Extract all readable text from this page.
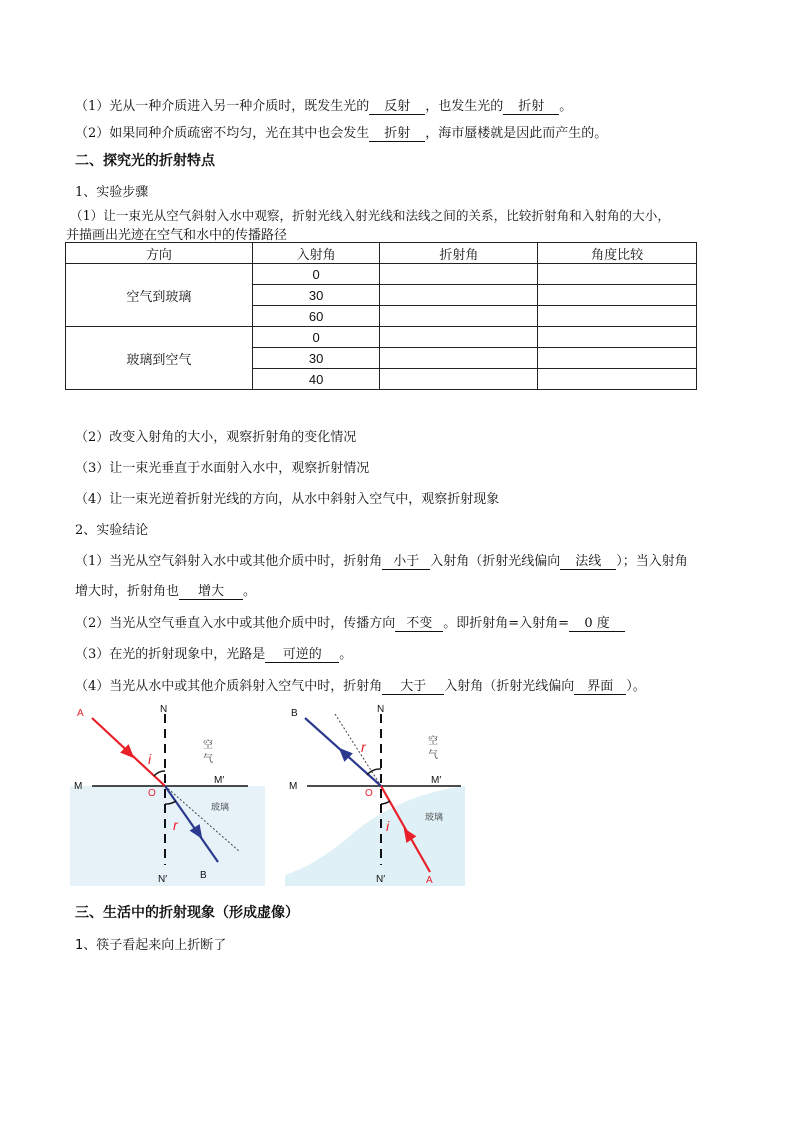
（1）光从一种介质进入另一种介质时，既发生光的 反射 ，也发生光的 折射 。
（2）如果同种介质疏密不均匀，光在其中也会发生 折射 ，海市蜃楼就是因此而产生的。
二、探究光的折射特点
1、实验步骤
（1）让一束光从空气斜射入水中观察，折射光线入射光线和法线之间的关系，比较折射角和入射角的大小，
并描画出光迹在空气和水中的传播路径
方向	入射角	折射角	角度比较
空气到玻璃	0		
	30		
	60		
玻璃到空气	0		
	30		
	40		
（2）改变入射角的大小，观察折射角的变化情况
（3）让一束光垂直于水面射入水中，观察折射情况
（4）让一束光逆着折射光线的方向，从水中斜射入空气中，观察折射现象
2、实验结论
（1）当光从空气斜射入水中或其他介质中时，折射角 小于 入射角（折射光线偏向 法线 ）；当入射角
增大时，折射角也 增大 。
（2）当光从空气垂直入水中或其他介质中时，传播方向 不变 。即折射角=入射角= 0 度
（3）在光的折射现象中，光路是 可逆的 。
（4）当光从水中或其他介质斜射入空气中时，折射角 大于 入射角（折射光线偏向 界面 ）。
A	N
M
M′
O
N′	B
i
r
空
气
玻璃
B	N
M
M′
O
N′	A
i
r	空
气
玻璃
三、生活中的折射现象（形成虚像）
1、筷子看起来向上折断了
